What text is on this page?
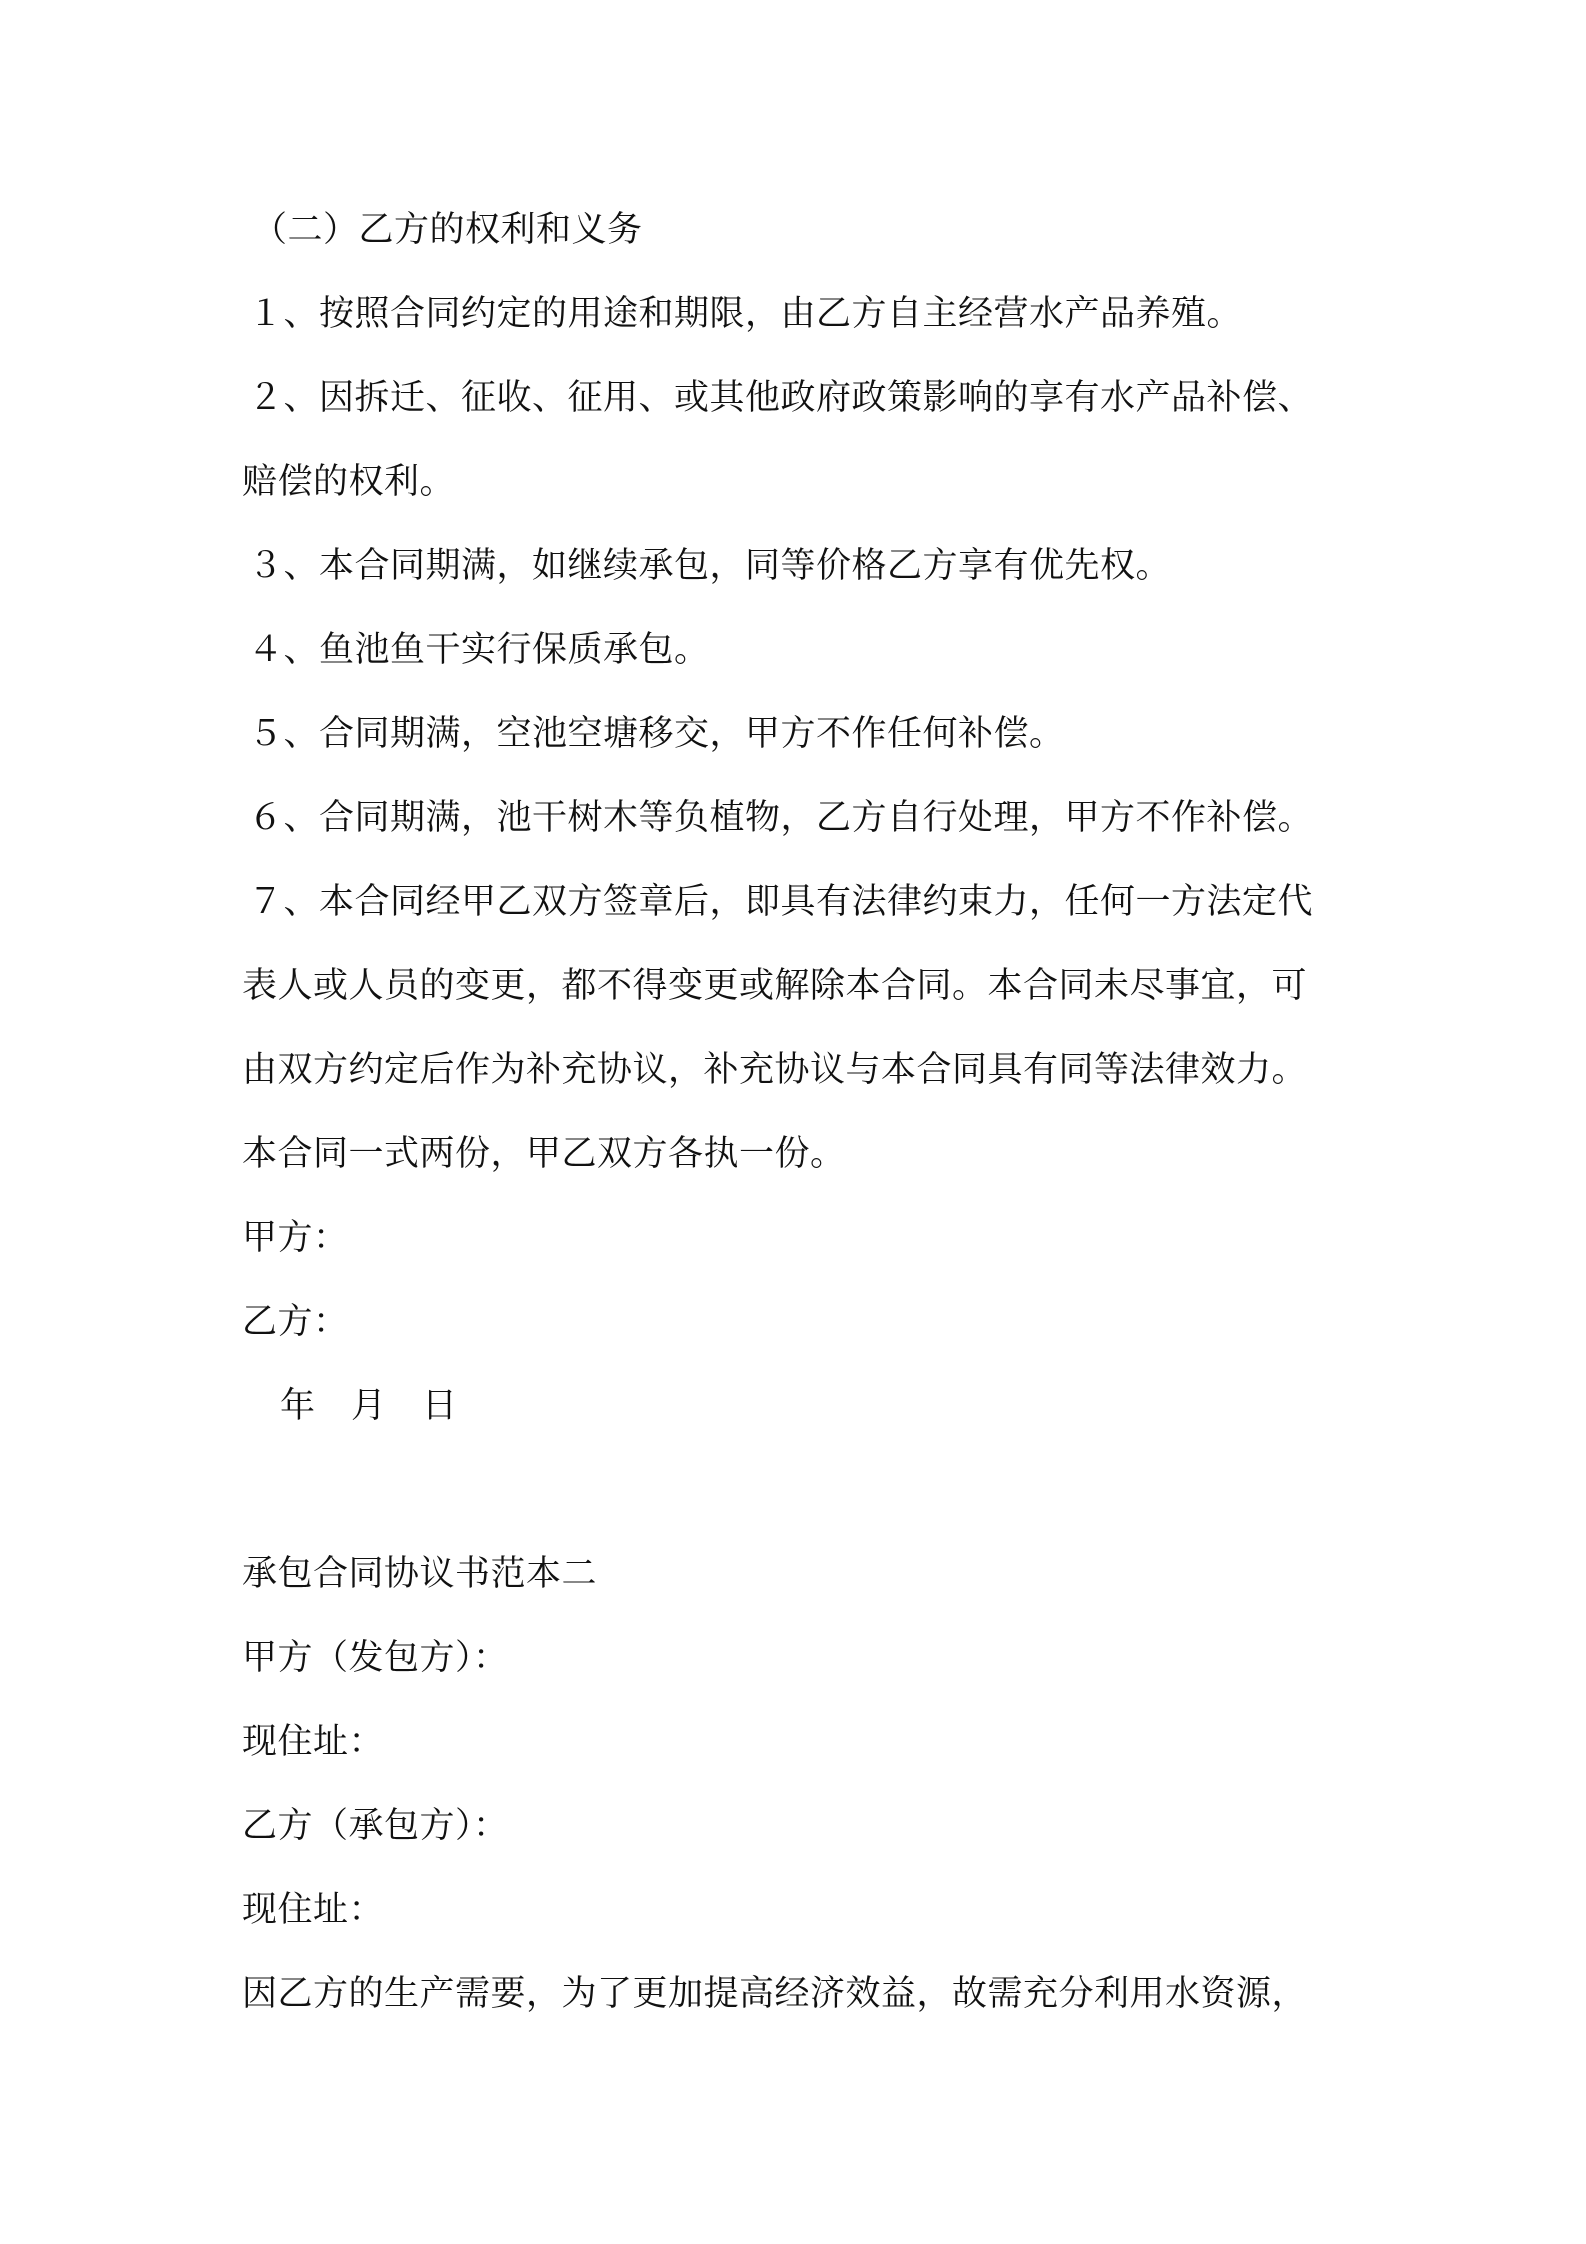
（二）乙方的权利和义务
１、按照合同约定的用途和期限，由乙方自主经营水产品养殖。
２、因拆迁、征收、征用、或其他政府政策影响的享有水产品补偿、
赔偿的权利。
３、本合同期满，如继续承包，同等价格乙方享有优先权。
４、鱼池鱼干实行保质承包。
５、合同期满，空池空塘移交，甲方不作任何补偿。
６、合同期满，池干树木等负植物，乙方自行处理，甲方不作补偿。
７、本合同经甲乙双方签章后，即具有法律约束力，任何一方法定代
表人或人员的变更，都不得变更或解除本合同。本合同未尽事宜，可
由双方约定后作为补充协议，补充协议与本合同具有同等法律效力。
本合同一式两份，甲乙双方各执一份。
甲方：
乙方：
年　月　日
承包合同协议书范本二
甲方（发包方）：
现住址：
乙方（承包方）：
现住址：
因乙方的生产需要，为了更加提高经济效益，故需充分利用水资源，
